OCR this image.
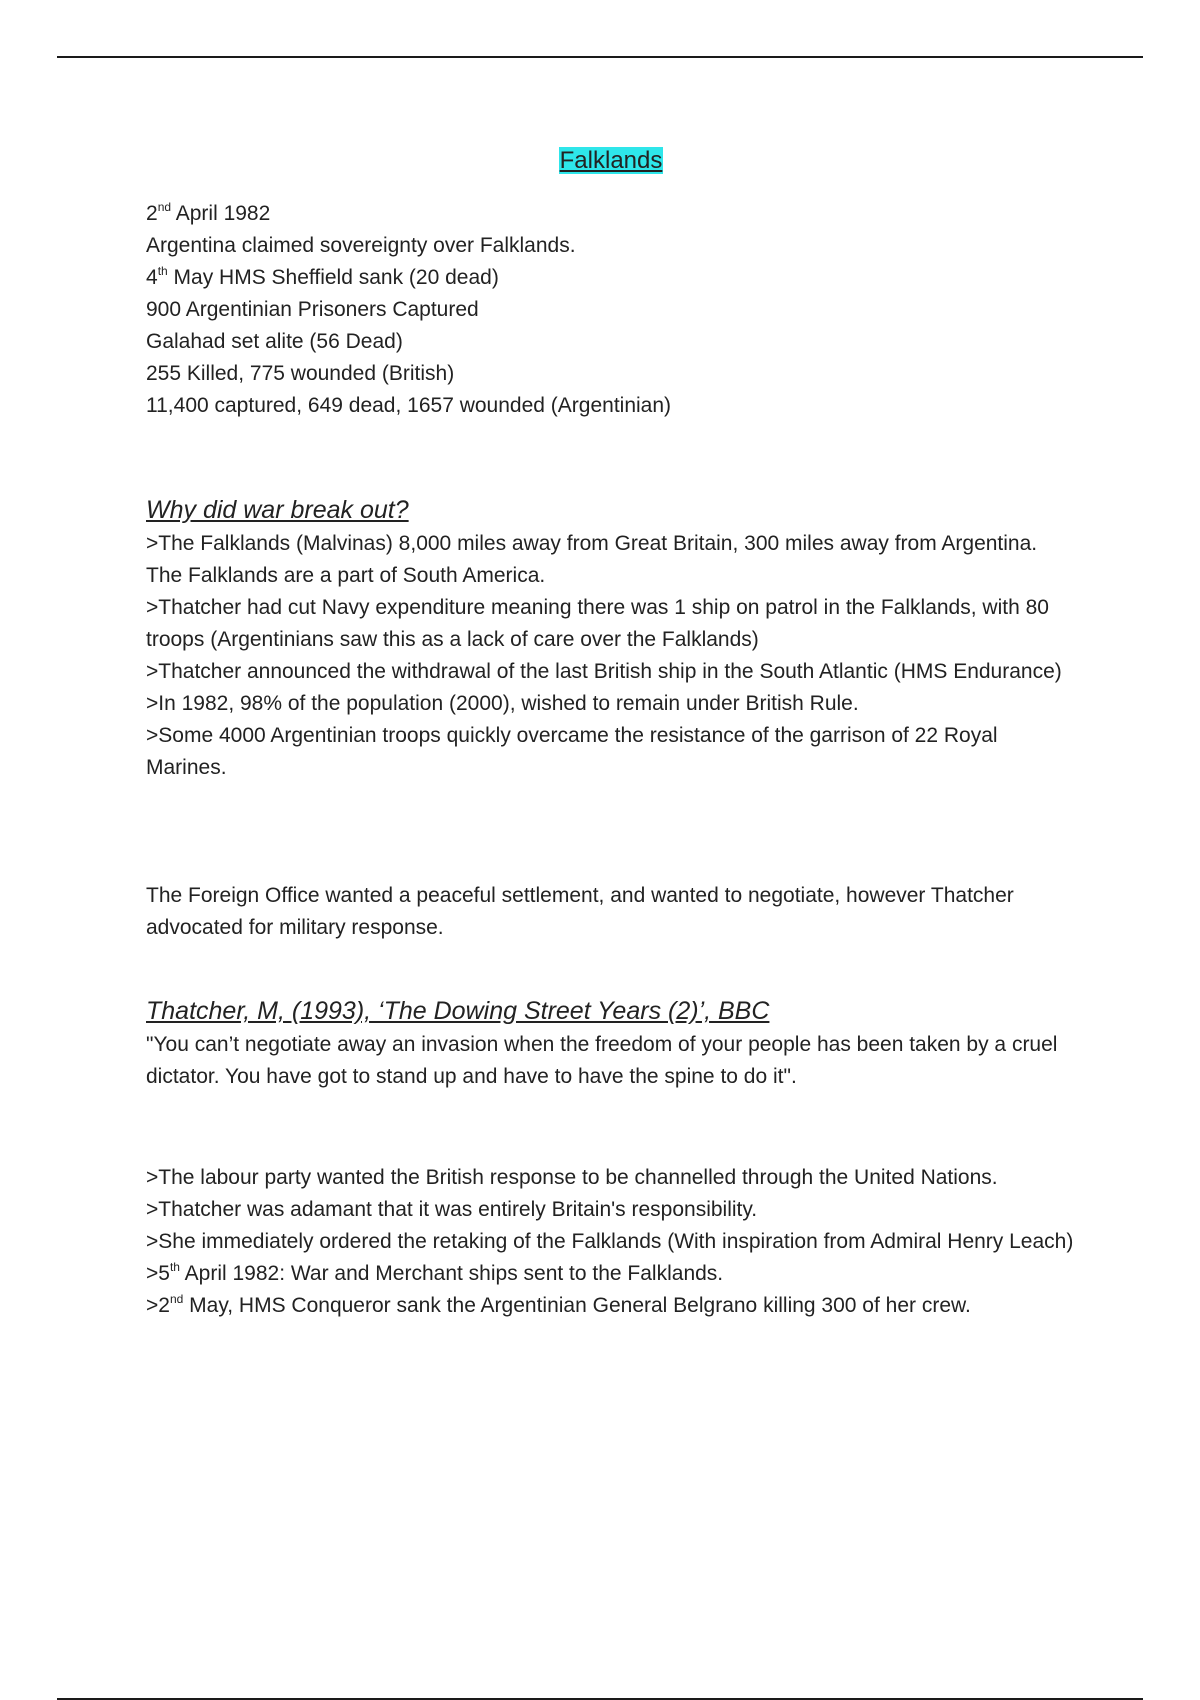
Falklands

2nd April 1982

Argentina claimed sovereignty over Falklands.

4th May HMS Sheffield sank (20 dead)

900 Argentinian Prisoners Captured

Galahad set alite (56 Dead)

255 Killed, 775 wounded (British)

11,400 captured, 649 dead, 1657 wounded (Argentinian)

Why did war break out?

>The Falklands (Malvinas) 8,000 miles away from Great Britain, 300 miles away from Argentina. The Falklands are a part of South America.

>Thatcher had cut Navy expenditure meaning there was 1 ship on patrol in the Falklands, with 80 troops (Argentinians saw this as a lack of care over the Falklands)

>Thatcher announced the withdrawal of the last British ship in the South Atlantic (HMS Endurance)

>In 1982, 98% of the population (2000), wished to remain under British Rule.

>Some 4000 Argentinian troops quickly overcame the resistance of the garrison of 22 Royal Marines.

The Foreign Office wanted a peaceful settlement, and wanted to negotiate, however Thatcher advocated for military response.
Thatcher, M, (1993), ‘The Dowing Street Years (2)’, BBC
"You can’t negotiate away an invasion when the freedom of your people has been taken by a cruel dictator. You have got to stand up and have to have the spine to do it".

>The labour party wanted the British response to be channelled through the United Nations.

>Thatcher was adamant that it was entirely Britain's responsibility.

>She immediately ordered the retaking of the Falklands (With inspiration from Admiral Henry Leach)

>5th April 1982: War and Merchant ships sent to the Falklands.

>2nd May, HMS Conqueror sank the Argentinian General Belgrano killing 300 of her crew.
